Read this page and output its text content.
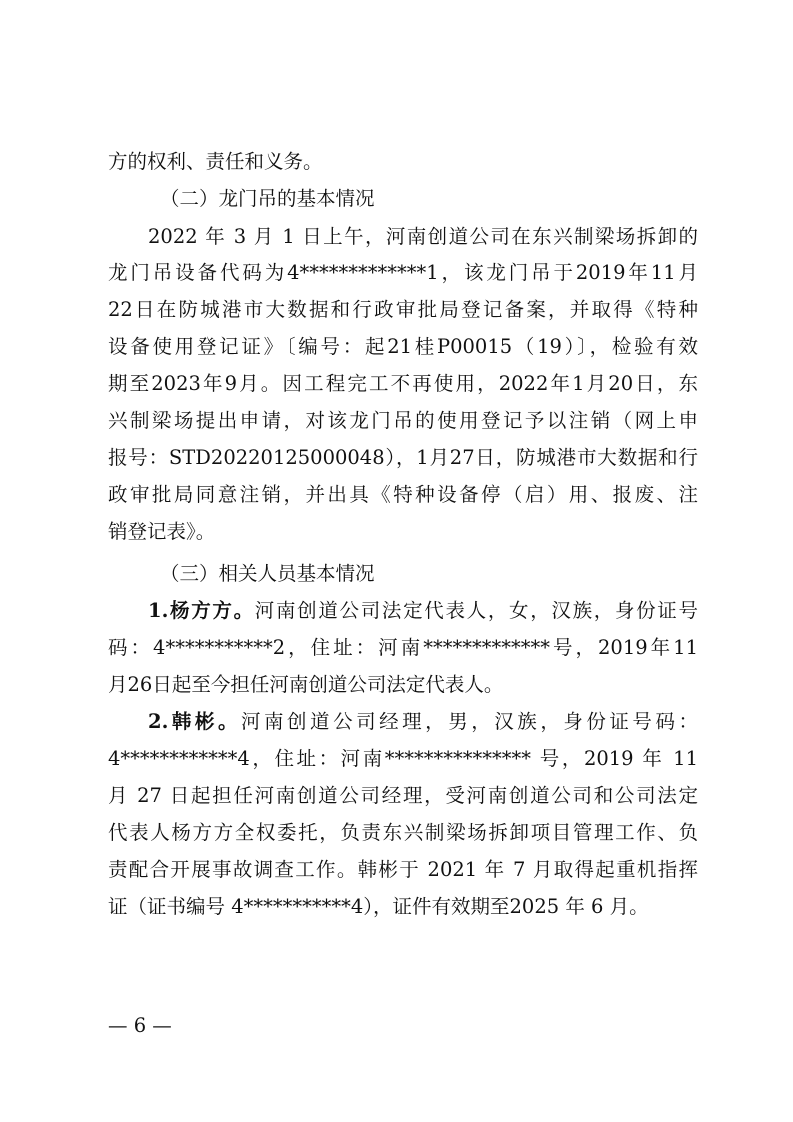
方的权利、责任和义务。
（二）龙门吊的基本情况
2022 年 3 月 1 日上午，河南创道公司在东兴制梁场拆卸的
龙门吊设备代码为4*************1，该龙门吊于2019年11月
22日在防城港市大数据和行政审批局登记备案，并取得《特种
设备使用登记证》〔编号：起21桂P00015（19）〕，检验有效
期至2023年9月。因工程完工不再使用，2022年1月20日，东
兴制梁场提出申请，对该龙门吊的使用登记予以注销（网上申
报号：STD20220125000048），1月27日，防城港市大数据和行
政审批局同意注销，并出具《特种设备停（启）用、报废、注
销登记表》。
（三）相关人员基本情况
1.杨方方。河南创道公司法定代表人，女，汉族，身份证号
码：4***********2，住址：河南*************号，2019年11
月26日起至今担任河南创道公司法定代表人。
2.韩彬。河南创道公司经理，男，汉族，身份证号码：
4************4，住址：河南*************** 号，2019 年 11
月 27 日起担任河南创道公司经理，受河南创道公司和公司法定
代表人杨方方全权委托，负责东兴制梁场拆卸项目管理工作、负
责配合开展事故调查工作。韩彬于 2021 年 7 月取得起重机指挥
证（证书编号 4***********4），证件有效期至2025 年 6 月。
— 6 —
